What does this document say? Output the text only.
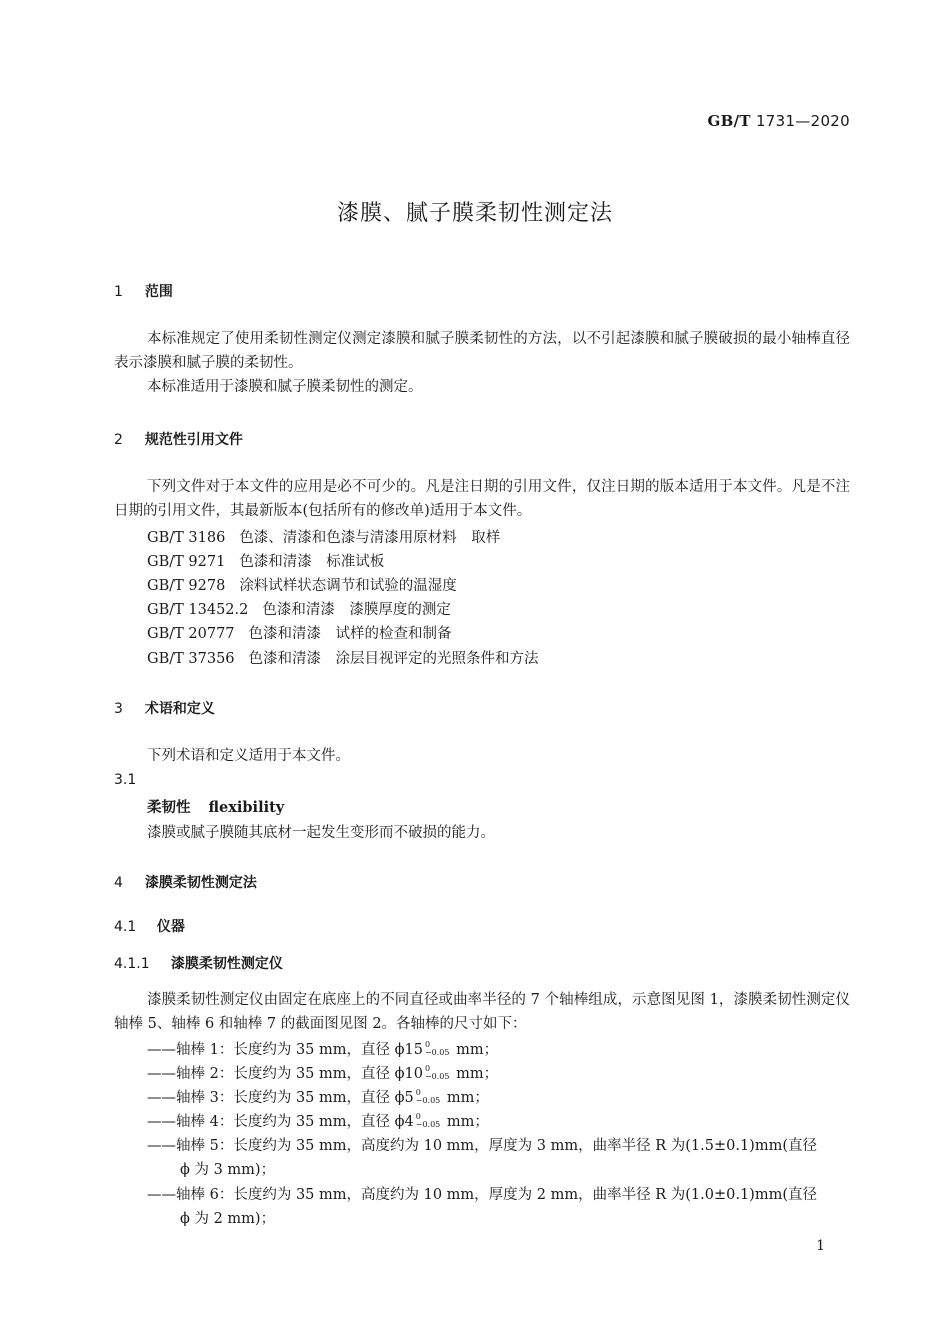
GB/T 1731—2020
漆膜、腻子膜柔韧性测定法
1 范围
本标准规定了使用柔韧性测定仪测定漆膜和腻子膜柔韧性的方法，以不引起漆膜和腻子膜破损的最小轴棒直径表示漆膜和腻子膜的柔韧性。
本标准适用于漆膜和腻子膜柔韧性的测定。
2 规范性引用文件
下列文件对于本文件的应用是必不可少的。凡是注日期的引用文件，仅注日期的版本适用于本文件。凡是不注日期的引用文件，其最新版本(包括所有的修改单)适用于本文件。
GB/T 3186 色漆、清漆和色漆与清漆用原材料　取样
GB/T 9271 色漆和清漆　标准试板
GB/T 9278 涂料试样状态调节和试验的温湿度
GB/T 13452.2 色漆和清漆　漆膜厚度的测定
GB/T 20777 色漆和清漆　试样的检查和制备
GB/T 37356 色漆和清漆　涂层目视评定的光照条件和方法
3 术语和定义
下列术语和定义适用于本文件。
3.1
柔韧性 flexibility
漆膜或腻子膜随其底材一起发生变形而不破损的能力。
4 漆膜柔韧性测定法
4.1 仪器
4.1.1 漆膜柔韧性测定仪
漆膜柔韧性测定仪由固定在底座上的不同直径或曲率半径的 7 个轴棒组成，示意图见图 1，漆膜柔韧性测定仪轴棒 5、轴棒 6 和轴棒 7 的截面图见图 2。各轴棒的尺寸如下：
——轴棒 1：长度约为 35 mm，直径 ϕ15 0
−0.05 mm；
——轴棒 2：长度约为 35 mm，直径 ϕ10 0
−0.05 mm；
——轴棒 3：长度约为 35 mm，直径 ϕ5 0
−0.05 mm；
——轴棒 4：长度约为 35 mm，直径 ϕ4 0
−0.05 mm；
——轴棒 5：长度约为 35 mm，高度约为 10 mm，厚度为 3 mm，曲率半径 R 为(1.5±0.1)mm(直径
ϕ 为 3 mm)；
——轴棒 6：长度约为 35 mm，高度约为 10 mm，厚度为 2 mm，曲率半径 R 为(1.0±0.1)mm(直径
ϕ 为 2 mm)；
1
